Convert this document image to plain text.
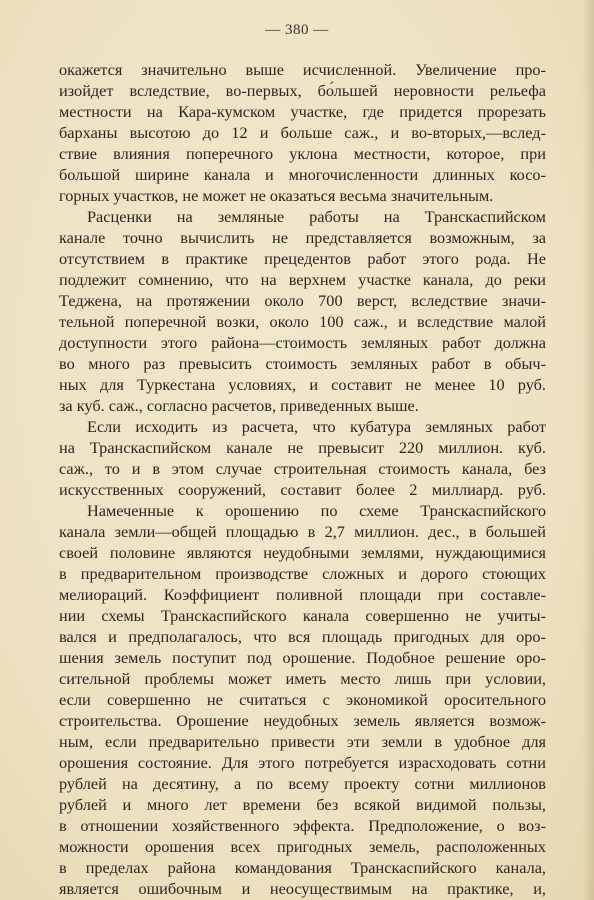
— 380 —
окажется значительно выше исчисленной. Увеличение про-
изойдет вследствие, во-первых, бо́льшей неровности рельефа
местности на Кара-кумском участке, где придется прорезать
барханы высотою до 12 и больше саж., и во-вторых,—вслед-
ствие влияния поперечного уклона местности, которое, при
большой ширине канала и многочисленности длинных косо-
горных участков, не может не оказаться весьма значительным.
Расценки на земляные работы на Транскаспийском
канале точно вычислить не представляется возможным, за
отсутствием в практике прецедентов работ этого рода. Не
подлежит сомнению, что на верхнем участке канала, до реки
Теджена, на протяжении около 700 верст, вследствие значи-
тельной поперечной возки, около 100 саж., и вследствие малой
доступности этого района—стоимость земляных работ должна
во много раз превысить стоимость земляных работ в обыч-
ных для Туркестана условиях, и составит не менее 10 руб.
за куб. саж., согласно расчетов, приведенных выше.
Если исходить из расчета, что кубатура земляных работ
на Транскаспийском канале не превысит 220 миллион. куб.
саж., то и в этом случае строительная стоимость канала, без
искусственных сооружений, составит более 2 миллиард. руб.
Намеченные к орошению по схеме Транскаспийского
канала земли—общей площадью в 2,7 миллион. дес., в большей
своей половине являются неудобными землями, нуждающимися
в предварительном производстве сложных и дорого стоющих
мелиораций. Коэффициент поливной площади при составле-
нии схемы Транскаспийского канала совершенно не учиты-
вался и предполагалось, что вся площадь пригодных для оро-
шения земель поступит под орошение. Подобное решение оро-
сительной проблемы может иметь место лишь при условии,
если совершенно не считаться с экономикой оросительного
строительства. Орошение неудобных земель является возмож-
ным, если предварительно привести эти земли в удобное для
орошения состояние. Для этого потребуется израсходовать сотни
рублей на десятину, а по всему проекту сотни миллионов
рублей и много лет времени без всякой видимой пользы,
в отношении хозяйственного эффекта. Предположение, о воз-
можности орошения всех пригодных земель, расположенных
в пределах района командования Транскаспийского канала,
является ошибочным и неосуществимым на практике, и,
